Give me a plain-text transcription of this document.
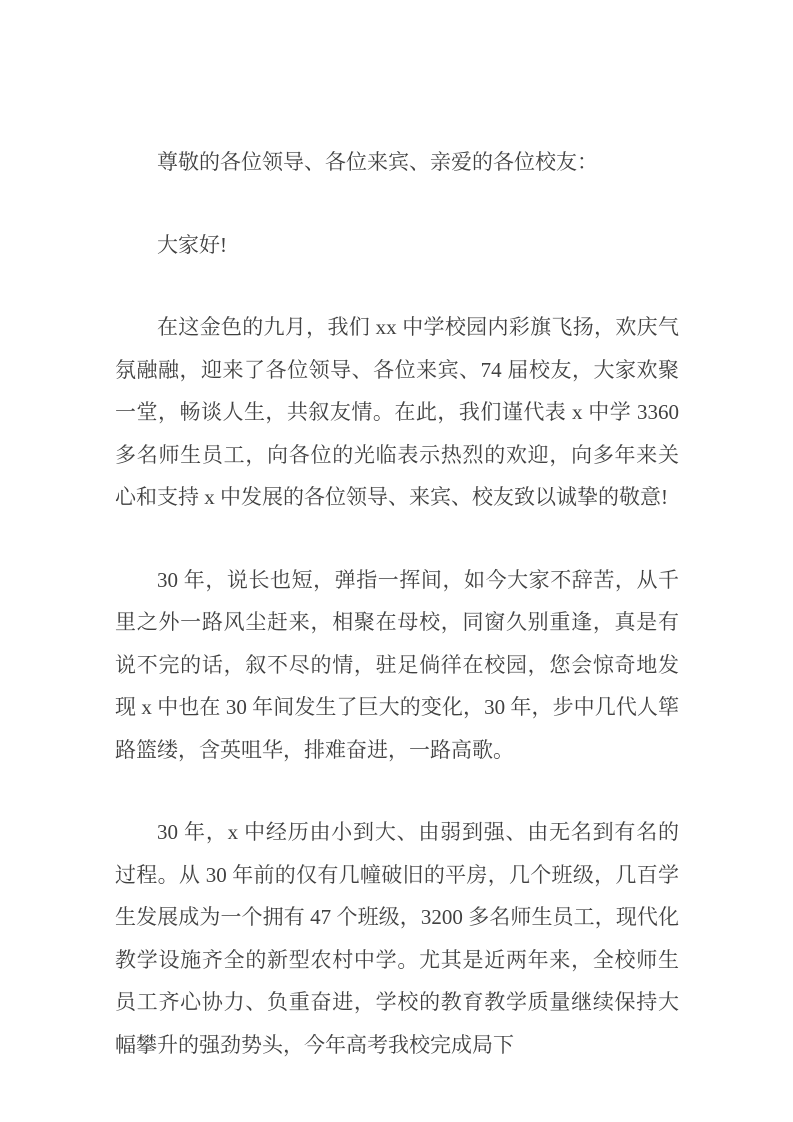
尊敬的各位领导、各位来宾、亲爱的各位校友：

大家好!

在这金色的九月，我们 xx 中学校园内彩旗飞扬，欢庆气氛融融，迎来了各位领导、各位来宾、74 届校友，大家欢聚一堂，畅谈人生，共叙友情。在此，我们谨代表 x 中学 3360 多名师生员工，向各位的光临表示热烈的欢迎，向多年来关心和支持 x 中发展的各位领导、来宾、校友致以诚挚的敬意!

30 年，说长也短，弹指一挥间，如今大家不辞苦，从千里之外一路风尘赶来，相聚在母校，同窗久别重逢，真是有说不完的话，叙不尽的情，驻足倘徉在校园，您会惊奇地发现 x 中也在 30 年间发生了巨大的变化，30 年，步中几代人筚路篮缕，含英咀华，排难奋进，一路高歌。

30 年，x 中经历由小到大、由弱到强、由无名到有名的过程。从 30 年前的仅有几幢破旧的平房，几个班级，几百学生发展成为一个拥有 47 个班级，3200 多名师生员工，现代化教学设施齐全的新型农村中学。尤其是近两年来，全校师生员工齐心协力、负重奋进，学校的教育教学质量继续保持大幅攀升的强劲势头，今年高考我校完成局下
